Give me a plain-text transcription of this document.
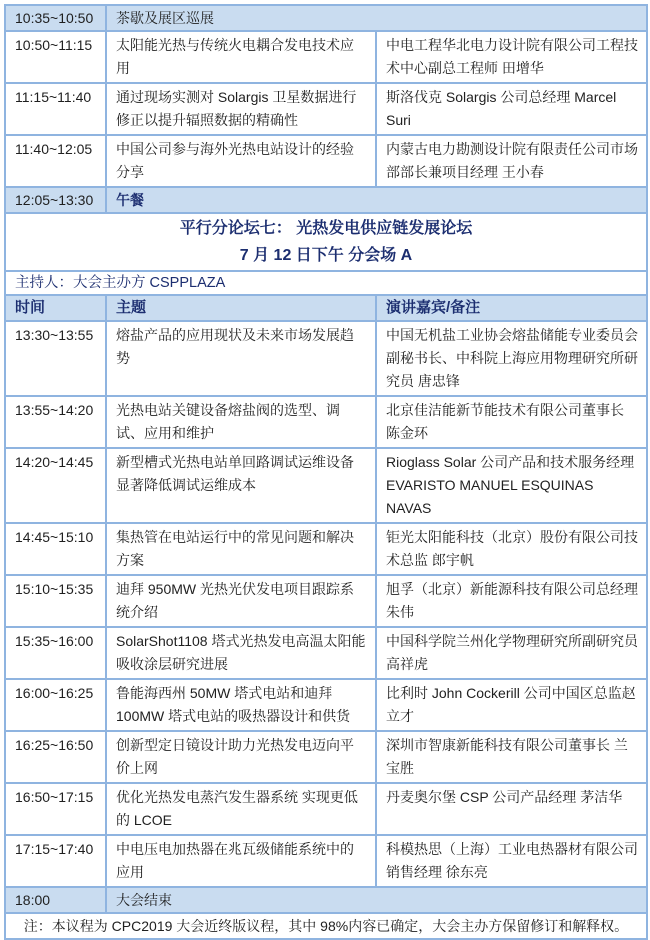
10:35~10:50	茶歇及展区巡展	
10:50~11:15	太阳能光热与传统火电耦合发电技术应用	中电工程华北电力设计院有限公司工程技术中心副总工程师 田增华
11:15~11:40	通过现场实测对 Solargis 卫星数据进行修正以提升辐照数据的精确性	斯洛伐克 Solargis 公司总经理 Marcel Suri
11:40~12:05	中国公司参与海外光热电站设计的经验分享	内蒙古电力勘测设计院有限责任公司市场部部长兼项目经理 王小春
12:05~13:30	午餐	

平行分论坛七： 光热发电供应链发展论坛
7 月 12 日下午 分会场 A		

主持人：大会主办方 CSPPLAZA		
时间	主题	演讲嘉宾/备注
13:30~13:55	熔盐产品的应用现状及未来市场发展趋势	中国无机盐工业协会熔盐储能专业委员会副秘书长、中科院上海应用物理研究所研究员 唐忠锋
13:55~14:20	光热电站关键设备熔盐阀的选型、调试、应用和维护	北京佳洁能新节能技术有限公司董事长 陈金环
14:20~14:45	新型槽式光热电站单回路调试运维设备显著降低调试运维成本	Rioglass Solar 公司产品和技术服务经理 EVARISTO MANUEL ESQUINAS NAVAS
14:45~15:10	集热管在电站运行中的常见问题和解决方案	钜光太阳能科技（北京）股份有限公司技术总监 郎宇帆
15:10~15:35	迪拜 950MW 光热光伏发电项目跟踪系统介绍	旭孚（北京）新能源科技有限公司总经理 朱伟
15:35~16:00	SolarShot1108 塔式光热发电高温太阳能吸收涂层研究进展	中国科学院兰州化学物理研究所副研究员 高祥虎
16:00~16:25	鲁能海西州 50MW 塔式电站和迪拜 100MW 塔式电站的吸热器设计和供货	比利时 John Cockerill 公司中国区总监赵立才
16:25~16:50	创新型定日镜设计助力光热发电迈向平价上网	深圳市智康新能科技有限公司董事长 兰宝胜
16:50~17:15	优化光热发电蒸汽发生器系统 实现更低的 LCOE	丹麦奥尔堡 CSP 公司产品经理 茅洁华
17:15~17:40	中电压电加热器在兆瓦级储能系统中的应用	科模热思（上海）工业电热器材有限公司销售经理 徐东亮
18:00	大会结束	
注：本议程为 CPC2019 大会近终版议程，其中 98%内容已确定，大会主办方保留修订和解释权。		
